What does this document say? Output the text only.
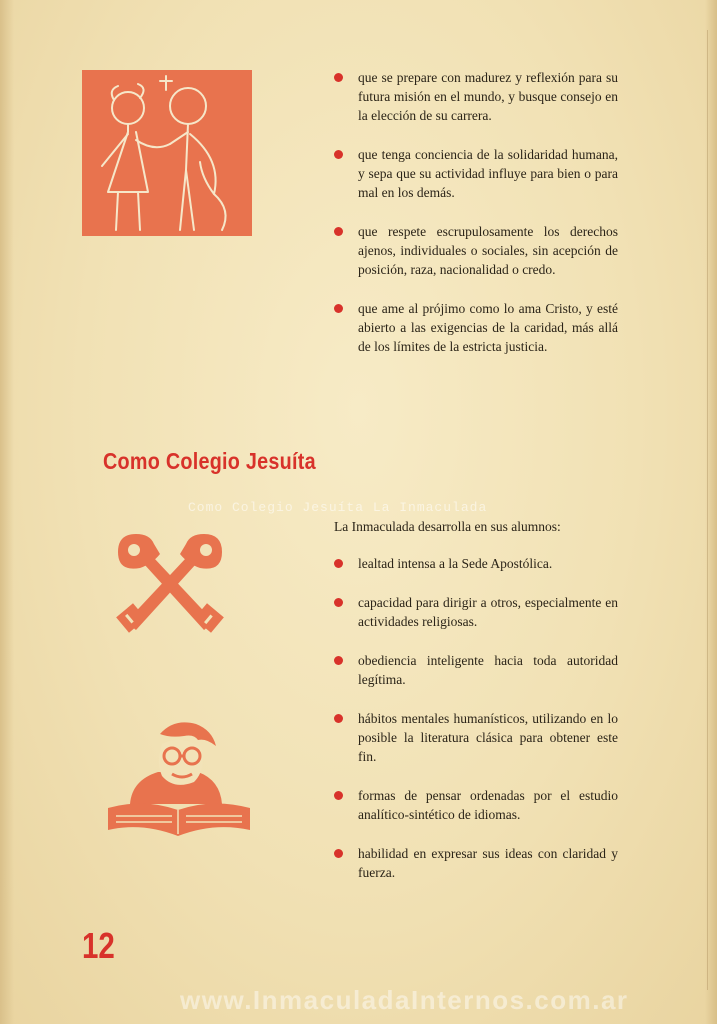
que se prepare con madurez y reflexión para su futura misión en el mundo, y busque consejo en la elección de su carrera.
que tenga conciencia de la solidaridad humana, y sepa que su actividad influye para bien o para mal en los demás.
que respete escrupulosamente los derechos ajenos, individuales o sociales, sin acepción de posición, raza, nacionalidad o credo.
que ame al prójimo como lo ama Cristo, y esté abierto a las exigencias de la caridad, más allá de los límites de la estricta justicia.
Como Colegio Jesuíta
Como Colegio Jesuíta La Inmaculada

La Inmaculada desarrolla en sus alumnos:

lealtad intensa a la Sede Apostólica.
capacidad para dirigir a otros, especialmente en actividades religiosas.
obediencia inteligente hacia toda autoridad legítima.
hábitos mentales humanísticos, utilizando en lo posible la literatura clásica para obtener este fin.
formas de pensar ordenadas por el estudio analítico-sintético de idiomas.
habilidad en expresar sus ideas con claridad y fuerza.
12
www.InmaculadaInternos.com.ar
